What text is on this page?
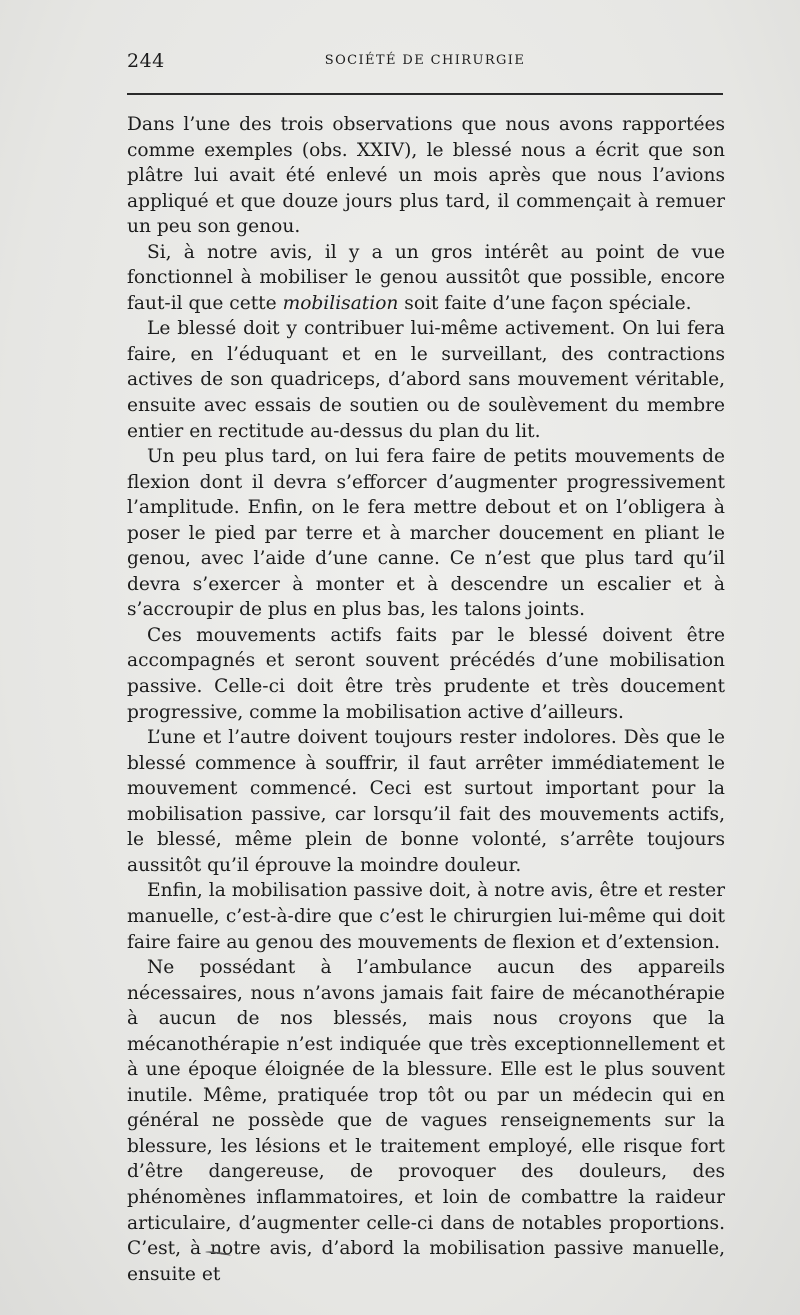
244	SOCIÉTÉ DE CHIRURGIE

Dans l’une des trois observations que nous avons rapportées comme exemples (obs. XXIV), le blessé nous a écrit que son plâtre lui avait été enlevé un mois après que nous l’avions appliqué et que douze jours plus tard, il commençait à remuer un peu son genou.

Si, à notre avis, il y a un gros intérêt au point de vue fonctionnel à mobiliser le genou aussitôt que possible, encore faut-il que cette mobilisation soit faite d’une façon spéciale.

Le blessé doit y contribuer lui-même activement. On lui fera faire, en l’éduquant et en le surveillant, des contractions actives de son quadriceps, d’abord sans mouvement véritable, ensuite avec essais de soutien ou de soulèvement du membre entier en rectitude au-dessus du plan du lit.

Un peu plus tard, on lui fera faire de petits mouvements de flexion dont il devra s’efforcer d’augmenter progressivement l’amplitude. Enfin, on le fera mettre debout et on l’obligera à poser le pied par terre et à marcher doucement en pliant le genou, avec l’aide d’une canne. Ce n’est que plus tard qu’il devra s’exercer à monter et à descendre un escalier et à s’accroupir de plus en plus bas, les talons joints.

Ces mouvements actifs faits par le blessé doivent être accompagnés et seront souvent précédés d’une mobilisation passive. Celle-ci doit être très prudente et très doucement progressive, comme la mobilisation active d’ailleurs.

L’une et l’autre doivent toujours rester indolores. Dès que le blessé commence à souffrir, il faut arrêter immédiatement le mouvement commencé. Ceci est surtout important pour la mobilisation passive, car lorsqu’il fait des mouvements actifs, le blessé, même plein de bonne volonté, s’arrête toujours aussitôt qu’il éprouve la moindre douleur.

Enfin, la mobilisation passive doit, à notre avis, être et rester manuelle, c’est-à-dire que c’est le chirurgien lui-même qui doit faire faire au genou des mouvements de flexion et d’extension.

Ne possédant à l’ambulance aucun des appareils nécessaires, nous n’avons jamais fait faire de mécanothérapie à aucun de nos blessés, mais nous croyons que la mécanothérapie n’est indiquée que très exceptionnellement et à une époque éloignée de la blessure. Elle est le plus souvent inutile. Même, pratiquée trop tôt ou par un médecin qui en général ne possède que de vagues renseignements sur la blessure, les lésions et le traitement employé, elle risque fort d’être dangereuse, de provoquer des douleurs, des phénomènes inflammatoires, et loin de combattre la raideur articulaire, d’augmenter celle-ci dans de notables proportions. C’est, à notre avis, d’abord la mobilisation passive manuelle, ensuite et
